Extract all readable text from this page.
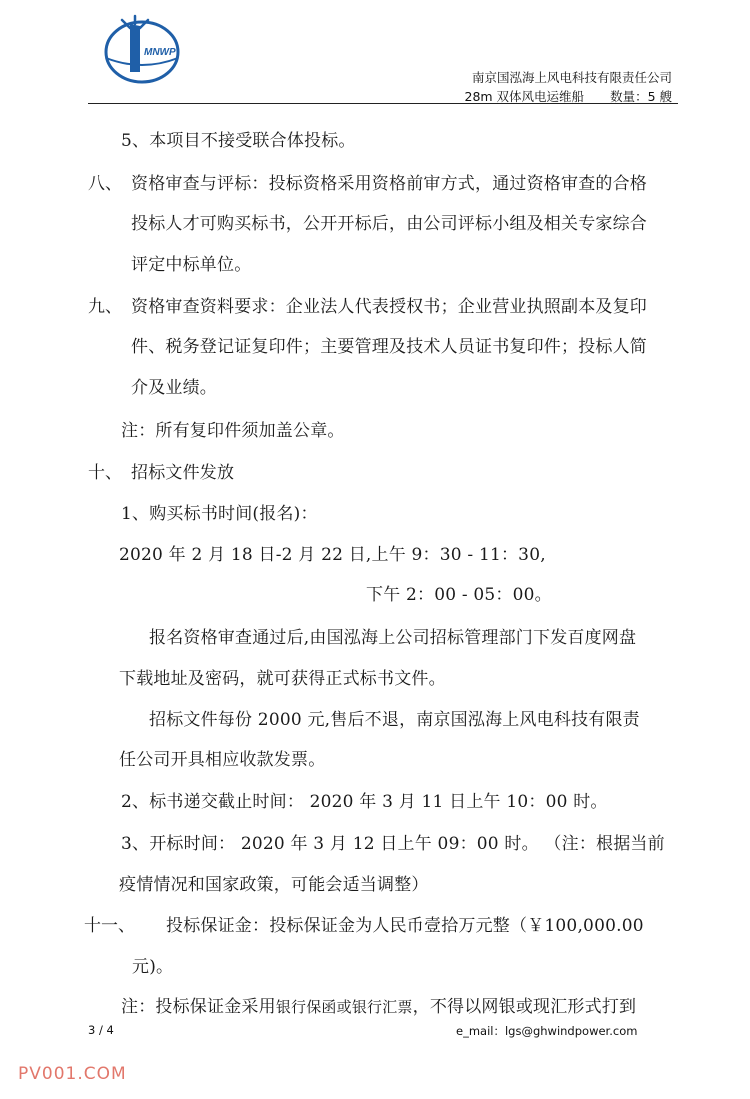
MNWP
南京国泓海上风电科技有限责任公司
28m 双体风电运维船 数量：5 艘
5、本项目不接受联合体投标。
八、 资格审查与评标：投标资格采用资格前审方式，通过资格审查的合格
投标人才可购买标书，公开开标后，由公司评标小组及相关专家综合
评定中标单位。
九、 资格审查资料要求：企业法人代表授权书；企业营业执照副本及复印
件、税务登记证复印件；主要管理及技术人员证书复印件；投标人简
介及业绩。
注：所有复印件须加盖公章。
十、 招标文件发放
1、购买标书时间(报名)：
2020 年 2 月 18 日-2 月 22 日,上午 9：30 - 11：30,
下午 2：00 - 05：00。
报名资格审查通过后,由国泓海上公司招标管理部门下发百度网盘
下载地址及密码，就可获得正式标书文件。
招标文件每份 2000 元,售后不退，南京国泓海上风电科技有限责
任公司开具相应收款发票。
2、标书递交截止时间： 2020 年 3 月 11 日上午 10：00 时。
3、开标时间： 2020 年 3 月 12 日上午 09：00 时。 （注：根据当前
疫情情况和国家政策，可能会适当调整）
十一、 投标保证金：投标保证金为人民币壹拾万元整（￥100,000.00
元)。
注：投标保证金采用银行保函或银行汇票，不得以网银或现汇形式打到
3 / 4	e_mail：lgs@ghwindpower.com
PV001.COM
